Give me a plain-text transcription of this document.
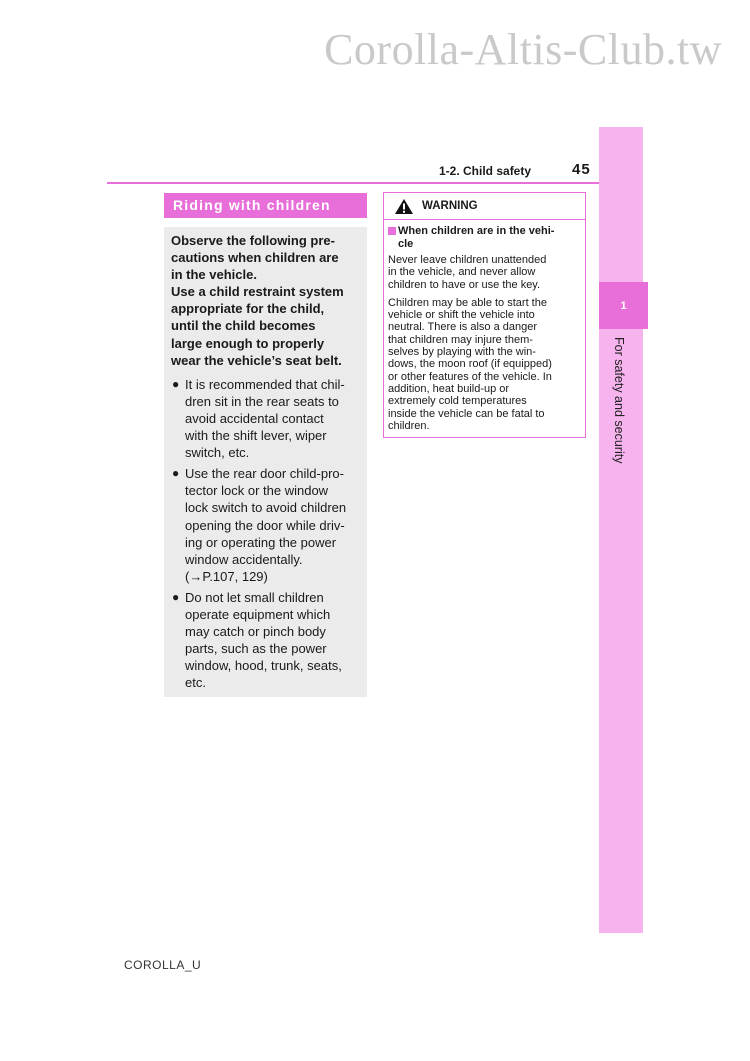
Corolla-Altis-Club.tw
1
For safety and security
1-2. Child safety	45
Riding with children

Observe the following pre-
cautions when children are
in the vehicle.
Use a child restraint system
appropriate for the child,
until the child becomes
large enough to properly
wear the vehicle’s seat belt.

● It is recommended that chil-
dren sit in the rear seats to
avoid accidental contact
with the shift lever, wiper
switch, etc.
● Use the rear door child-pro-
tector lock or the window
lock switch to avoid children
opening the door while driv-
ing or operating the power
window accidentally.
(→P.107, 129)
● Do not let small children
operate equipment which
may catch or pinch body
parts, such as the power
window, hood, trunk, seats,
etc.
WARNING
When children are in the vehi-
cle

Never leave children unattended
in the vehicle, and never allow
children to have or use the key.

Children may be able to start the
vehicle or shift the vehicle into
neutral. There is also a danger
that children may injure them-
selves by playing with the win-
dows, the moon roof (if equipped)
or other features of the vehicle. In
addition, heat build-up or
extremely cold temperatures
inside the vehicle can be fatal to
children.

COROLLA_U
